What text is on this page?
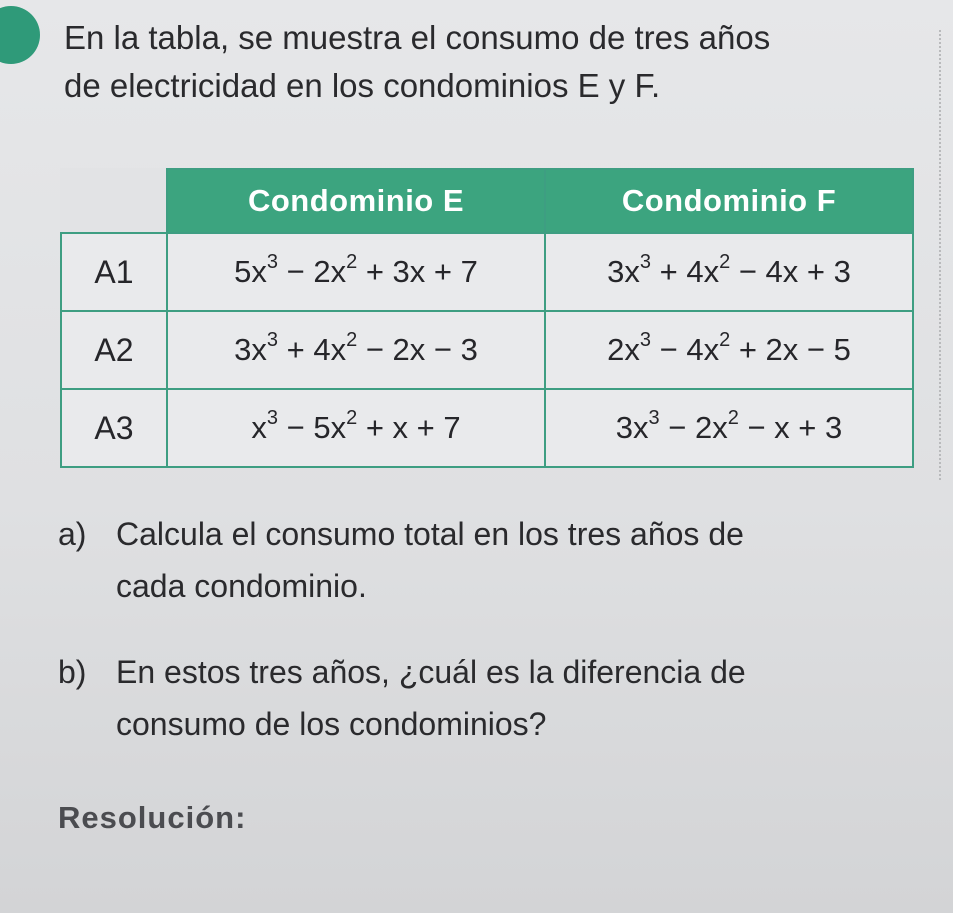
En la tabla, se muestra el consumo de tres años
de electricidad en los condominios E y F.

	Condominio E	Condominio F
A1	$5x^3 - 2x^2 + 3x + 7$	$3x^3 + 4x^2 - 4x + 3$
A2	$3x^3 + 4x^2 - 2x - 3$	$2x^3 - 4x^2 + 2x - 5$
A3	$x^3 - 5x^2 + x + 7$	$3x^3 - 2x^2 - x + 3$

a) Calcula el consumo total en los tres años de
cada condominio.

b) En estos tres años, ¿cuál es la diferencia de
consumo de los condominios?

Resolución:
